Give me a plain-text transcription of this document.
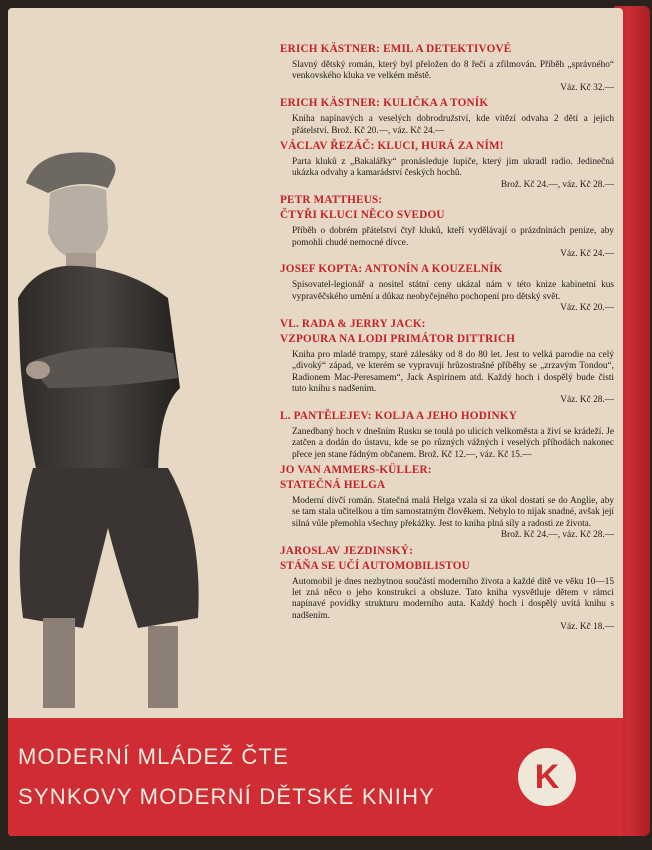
ERICH KÄSTNER: EMIL A DETEKTIVOVÉ
Slavný dětský román, který byl přeložen do 8 řečí a zfilmován. Příběh „správného“ venkovského kluka ve velkém městě.
Váz. Kč 32.—
ERICH KÄSTNER: KULIČKA A TONÍK
Kniha napínavých a veselých dobrodružství, kde vítězí odvaha 2 dětí a jejich přátelství. Brož. Kč 20.—, váz. Kč 24.—
VÁCLAV ŘEZÁČ: KLUCI, HURÁ ZA NÍM!
Parta kluků z „Bakalářky“ pronásleduje lupiče, který jim ukradl radio. Jedinečná ukázka odvahy a kamarádství českých hochů.
Brož. Kč 24.—, váz. Kč 28.—
PETR MATTHEUS:
ČTYŘI KLUCI NĚCO SVEDOU
Příběh o dobrém přátelství čtyř kluků, kteří vydělávají o prázdninách peníze, aby pomohli chudé nemocné dívce.
Váz. Kč 24.—
JOSEF KOPTA: ANTONÍN A KOUZELNÍK
Spisovatel-legionář a nositel státní ceny ukázal nám v této knize kabinetní kus vypravěčského umění a důkaz neobyčejného pochopení pro dětský svět.
Váz. Kč 20.—
VL. RADA & JERRY JACK:
VZPOURA NA LODI PRIMÁTOR DITTRICH
Kniha pro mladé trampy, staré zálesáky od 8 do 80 let. Jest to velká parodie na celý „divoký“ západ, ve kterém se vypravují hrůzostrašné příběhy se „zrzavým Tondou“, Radionem Mac-Peresamem“, Jack Aspirinem atd. Každý hoch i dospělý bude čísti tuto knihu s nadšením.
Váz. Kč 28.—
L. PANTĚLEJEV: KOLJA A JEHO HODINKY
Zanedbaný hoch v dnešním Rusku se toulá po ulicích velkoměsta a živí se krádeží. Je zatčen a dodán do ústavu, kde se po různých vážných i veselých příhodách nakonec přece jen stane řádným občanem. Brož. Kč 12.—, váz. Kč 15.—
JO VAN AMMERS-KÜLLER:
STATEČNÁ HELGA
Moderní dívčí román. Statečná malá Helga vzala si za úkol dostati se do Anglie, aby se tam stala učitelkou a tím samostatným člověkem. Nebylo to nijak snadné, avšak její silná vůle přemohla všechny překážky. Jest to kniha plná síly a radosti ze života.
Brož. Kč 24.—, váz. Kč 28.—
JAROSLAV JEZDINSKÝ:
STÁŇA SE UČÍ AUTOMOBILISTOU
Automobil je dnes nezbytnou součástí moderního života a každé dítě ve věku 10—15 let zná něco o jeho konstrukci a obsluze. Tato kniha vysvětluje dětem v rámci napínavé povídky strukturu moderního auta. Každý hoch i dospělý uvítá knihu s nadšením.
Váz. Kč 18.—
MODERNÍ MLÁDEŽ ČTE
SYNKOVY MODERNÍ DĚTSKÉ KNIHY
K
